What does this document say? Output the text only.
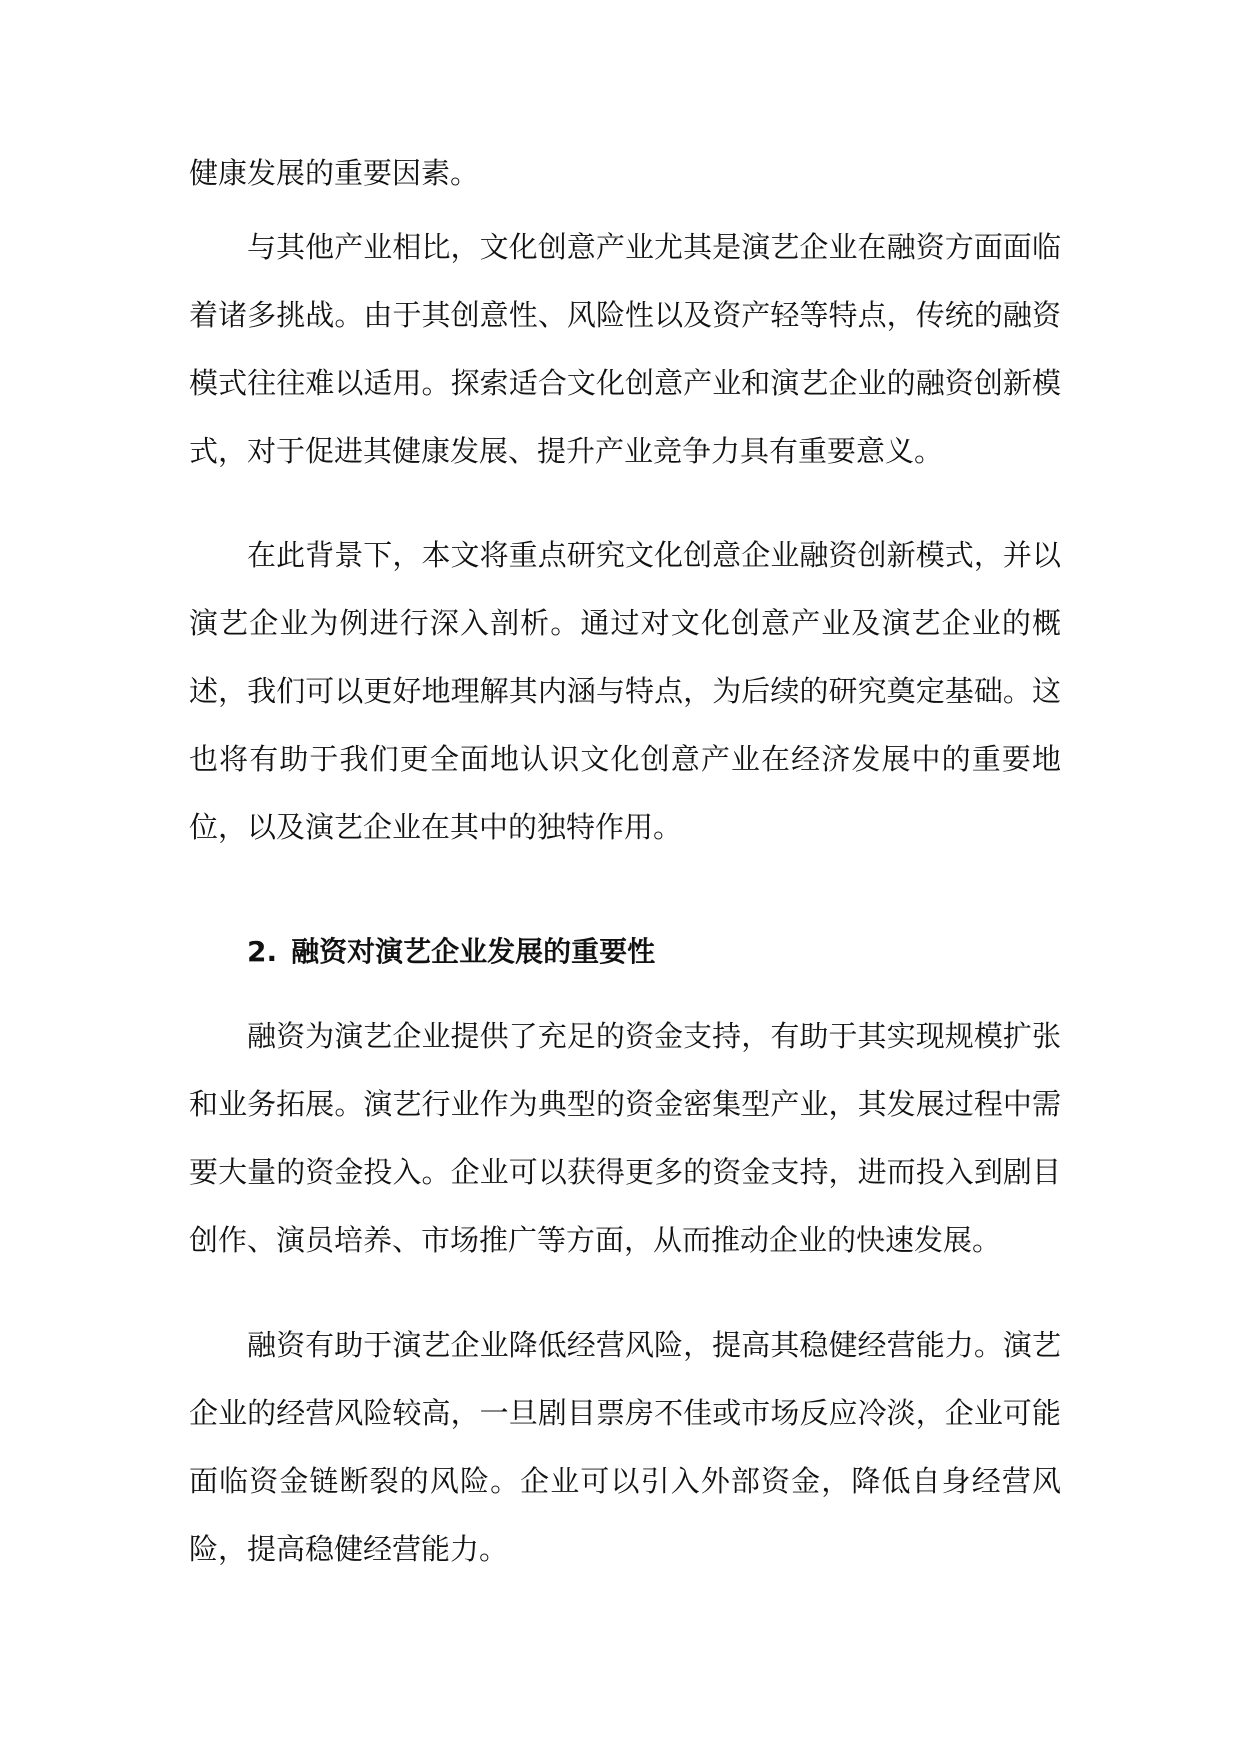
健康发展的重要因素。

与其他产业相比，文化创意产业尤其是演艺企业在融资方面面临着诸多挑战。由于其创意性、风险性以及资产轻等特点，传统的融资模式往往难以适用。探索适合文化创意产业和演艺企业的融资创新模式，对于促进其健康发展、提升产业竞争力具有重要意义。

在此背景下，本文将重点研究文化创意企业融资创新模式，并以演艺企业为例进行深入剖析。通过对文化创意产业及演艺企业的概述，我们可以更好地理解其内涵与特点，为后续的研究奠定基础。这也将有助于我们更全面地认识文化创意产业在经济发展中的重要地位，以及演艺企业在其中的独特作用。

2. 融资对演艺企业发展的重要性

融资为演艺企业提供了充足的资金支持，有助于其实现规模扩张和业务拓展。演艺行业作为典型的资金密集型产业，其发展过程中需要大量的资金投入。企业可以获得更多的资金支持，进而投入到剧目创作、演员培养、市场推广等方面，从而推动企业的快速发展。

融资有助于演艺企业降低经营风险，提高其稳健经营能力。演艺企业的经营风险较高，一旦剧目票房不佳或市场反应冷淡，企业可能面临资金链断裂的风险。企业可以引入外部资金，降低自身经营风险，提高稳健经营能力。
